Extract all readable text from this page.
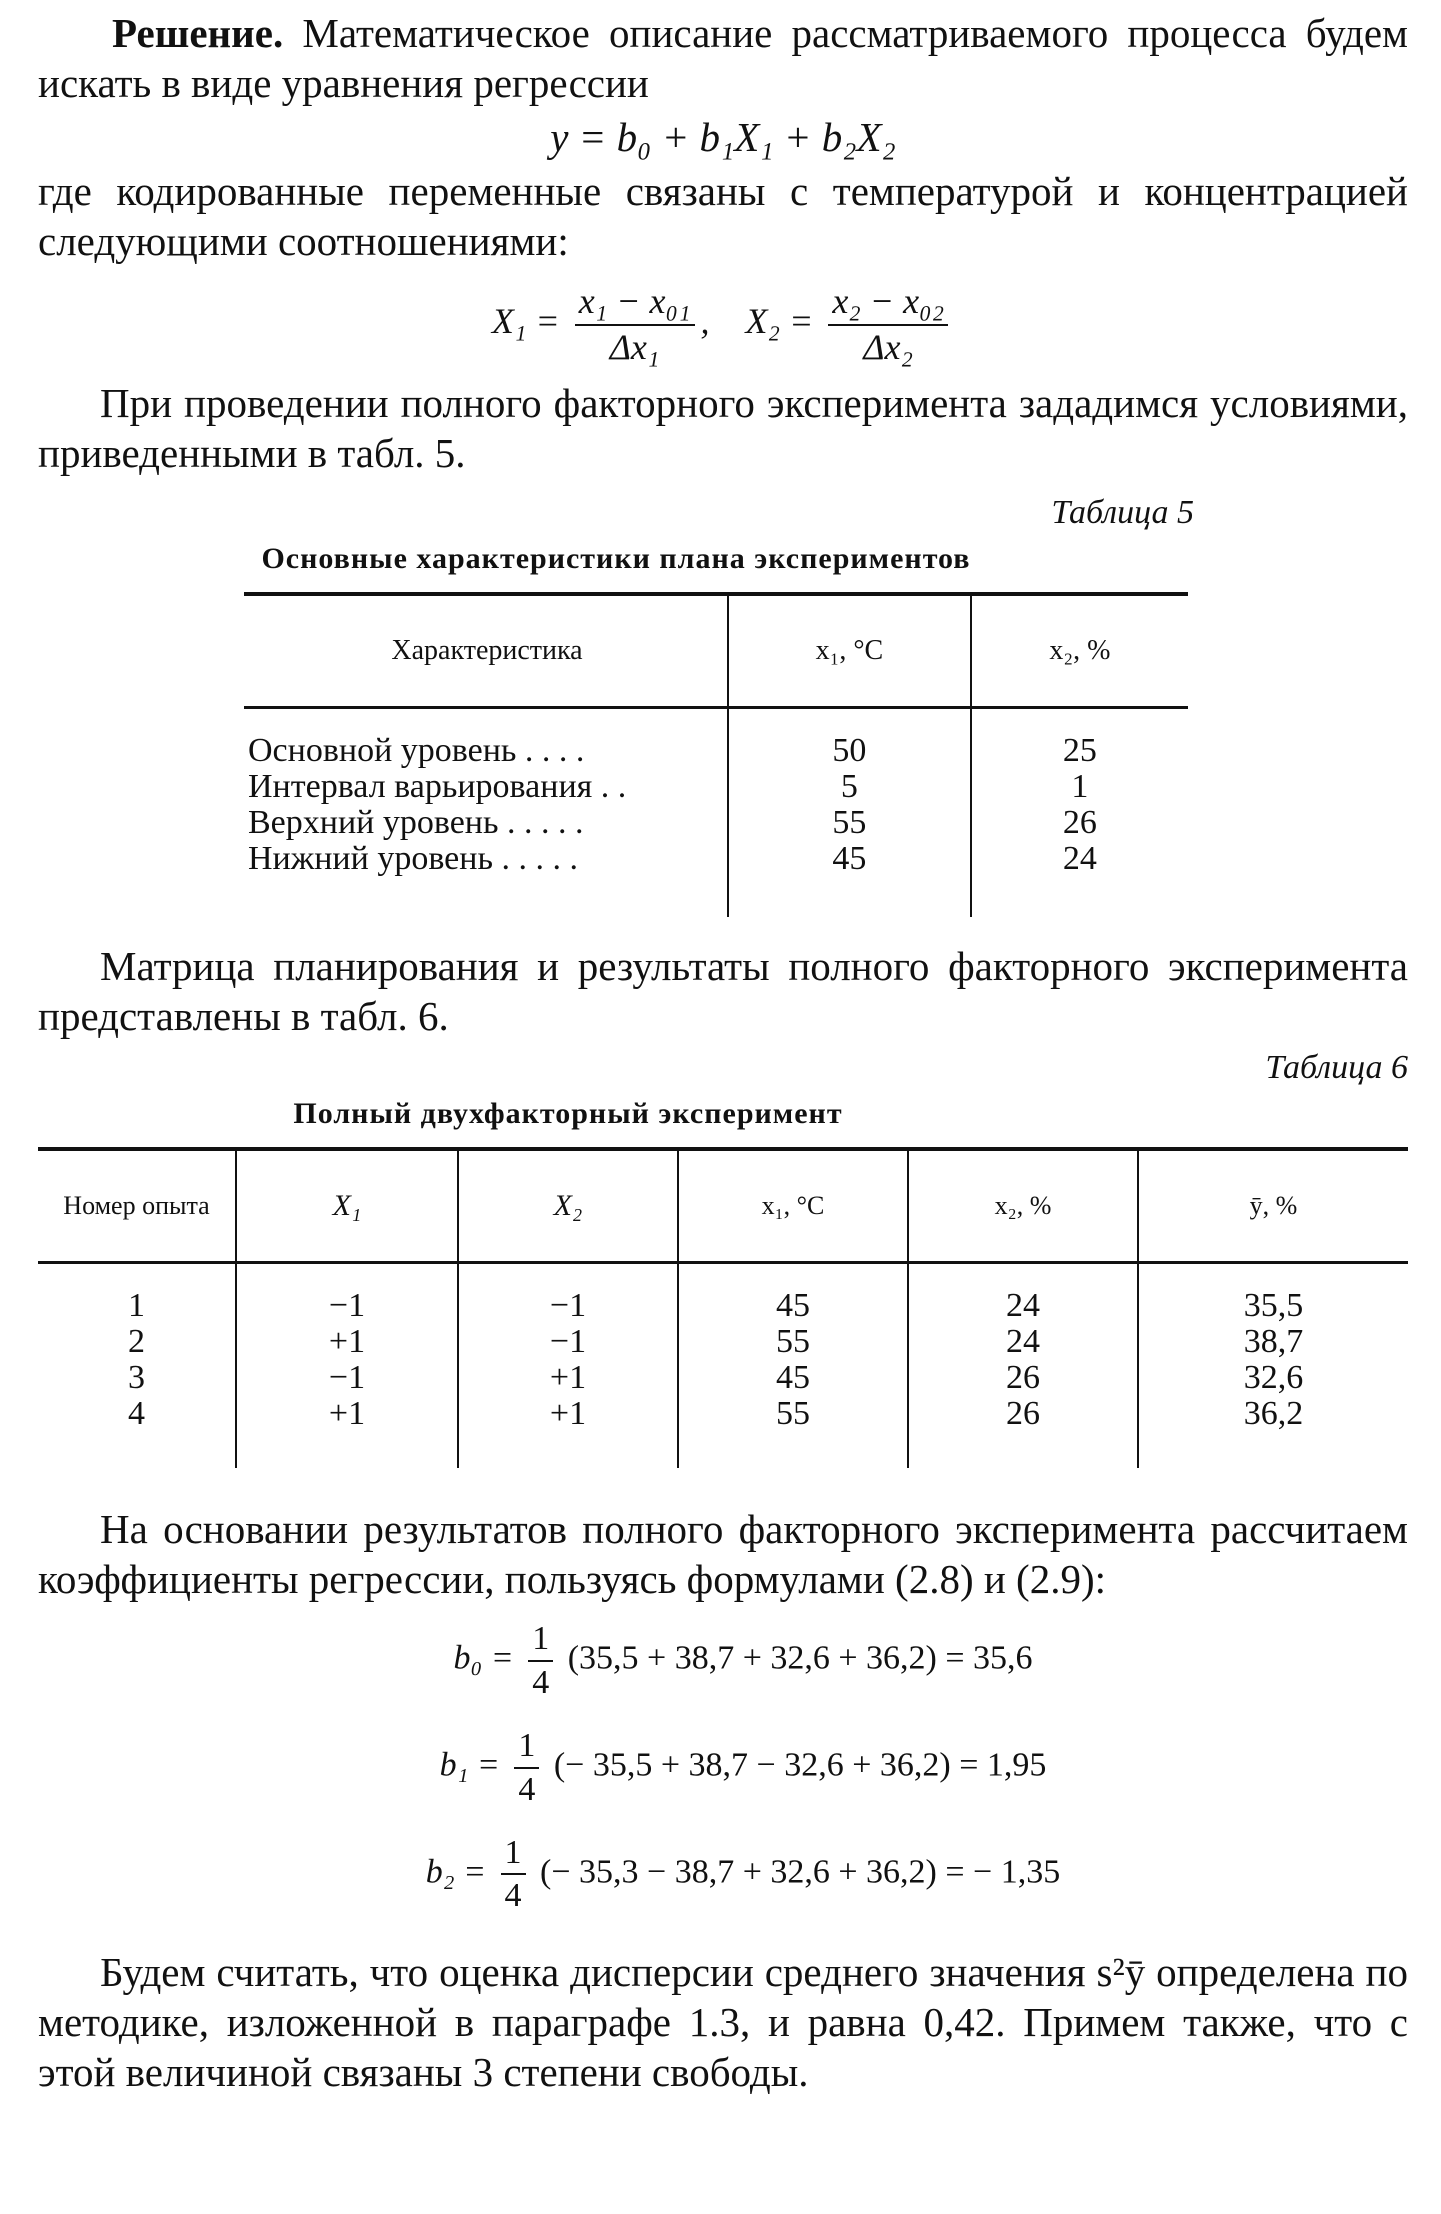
Решение. Математическое описание рассматриваемого процесса будем искать в виде уравнения регрессии

y = b₀ + b₁X₁ + b₂X₂

где кодированные переменные связаны с температурой и концентрацией следующими соотношениями:

$X_1 = \frac{\text{x₁ − x₀₁}}{\text{Δx₁}}$ , $X_2 = \frac{\text{x₂ − x₀₂}}{\text{Δx₂}}$

При проведении полного факторного эксперимента зададимся условиями, приведенными в табл. 5.

Таблица 5
Основные характеристики плана экспериментов
Характеристика	x₁, °C	x₂, %

Основной уровень . . . .	50	25
Интервал варьирования . .	5	1
Верхний уровень . . . . .	55	26
Нижний уровень . . . . .	45	24

Матрица планирования и результаты полного факторного эксперимента представлены в табл. 6.

Таблица 6
Полный двухфакторный эксперимент
Номер опыта	X₁	X₂	x₁, °C	x₂, %	ȳ, %

1	−1	−1	45	24	35,5
2	+1	−1	55	24	38,7
3	−1	+1	45	26	32,6
4	+1	+1	55	26	36,2

На основании результатов полного факторного эксперимента рассчитаем коэффициенты регрессии, пользуясь формулами (2.8) и (2.9):

$b_0 = \frac{1}{4} (35,5 + 38,7 + 32,6 + 36,2) = 35,6$
$b_1 = \frac{1}{4}$ (− 35,5 + 38,7 − 32,6 + 36,2) = 1,95
$b_2 = \frac{1}{4}$ (− 35,3 − 38,7 + 32,6 + 36,2) = − 1,35

Будем считать, что оценка дисперсии среднего значения s²ȳ определена по методике, изложенной в параграфе 1.3, и равна 0,42. Примем также, что с этой величиной связаны 3 степени свободы.
